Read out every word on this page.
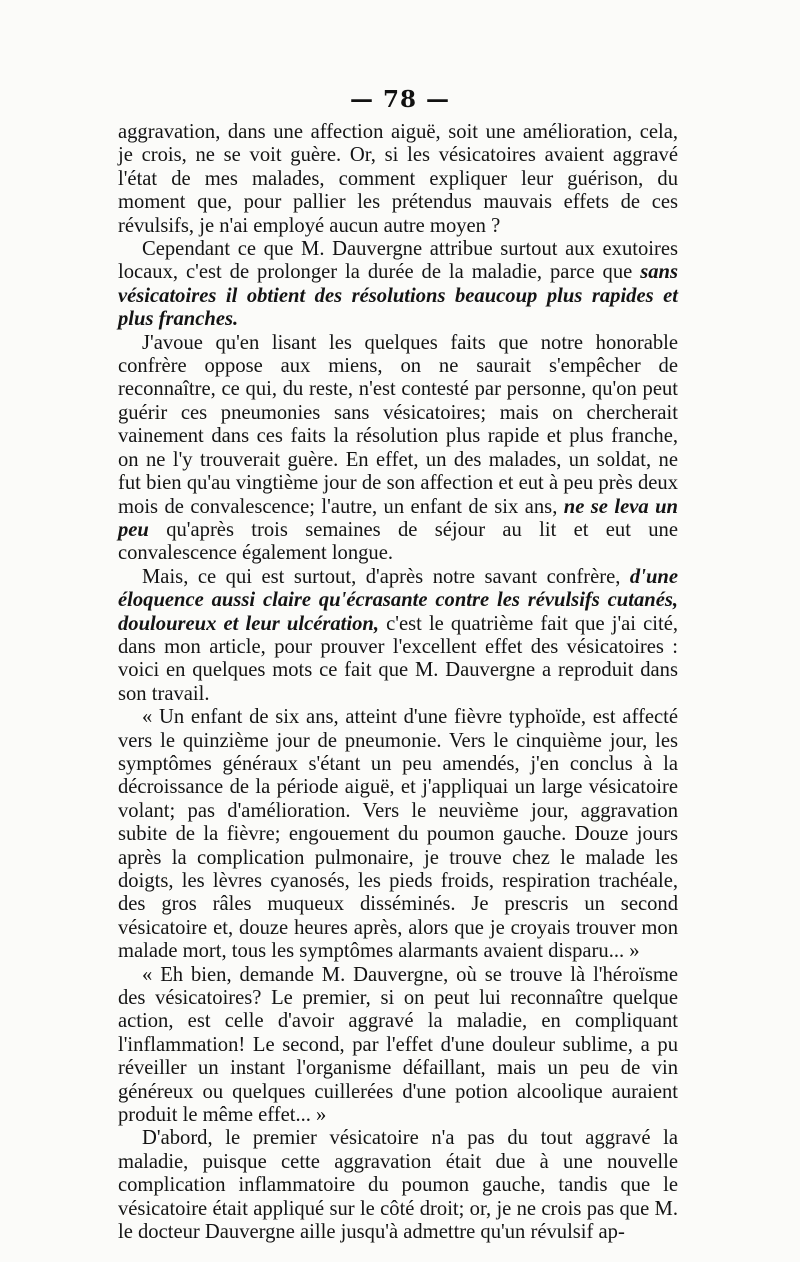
— 78 —

aggravation, dans une affection aiguë, soit une amélioration, cela, je crois, ne se voit guère. Or, si les vésicatoires avaient aggravé l'état de mes malades, comment expliquer leur guérison, du moment que, pour pallier les prétendus mauvais effets de ces révulsifs, je n'ai employé aucun autre moyen ?

Cependant ce que M. Dauvergne attribue surtout aux exutoires locaux, c'est de prolonger la durée de la maladie, parce que sans vésicatoires il obtient des résolutions beaucoup plus rapides et plus franches.

J'avoue qu'en lisant les quelques faits que notre honorable confrère oppose aux miens, on ne saurait s'empêcher de reconnaître, ce qui, du reste, n'est contesté par personne, qu'on peut guérir ces pneumonies sans vésicatoires; mais on chercherait vainement dans ces faits la résolution plus rapide et plus franche, on ne l'y trouverait guère. En effet, un des malades, un soldat, ne fut bien qu'au vingtième jour de son affection et eut à peu près deux mois de convalescence; l'autre, un enfant de six ans, ne se leva un peu qu'après trois semaines de séjour au lit et eut une convalescence également longue.

Mais, ce qui est surtout, d'après notre savant confrère, d'une éloquence aussi claire qu'écrasante contre les révulsifs cutanés, douloureux et leur ulcération, c'est le quatrième fait que j'ai cité, dans mon article, pour prouver l'excellent effet des vésicatoires : voici en quelques mots ce fait que M. Dauvergne a reproduit dans son travail.

« Un enfant de six ans, atteint d'une fièvre typhoïde, est affecté vers le quinzième jour de pneumonie. Vers le cinquième jour, les symptômes généraux s'étant un peu amendés, j'en conclus à la décroissance de la période aiguë, et j'appliquai un large vésicatoire volant; pas d'amélioration. Vers le neuvième jour, aggravation subite de la fièvre; engouement du poumon gauche. Douze jours après la complication pulmonaire, je trouve chez le malade les doigts, les lèvres cyanosés, les pieds froids, respiration trachéale, des gros râles muqueux disséminés. Je prescris un second vésicatoire et, douze heures après, alors que je croyais trouver mon malade mort, tous les symptômes alarmants avaient disparu... »

« Eh bien, demande M. Dauvergne, où se trouve là l'héroïsme des vésicatoires? Le premier, si on peut lui reconnaître quelque action, est celle d'avoir aggravé la maladie, en compliquant l'inflammation! Le second, par l'effet d'une douleur sublime, a pu réveiller un instant l'organisme défaillant, mais un peu de vin généreux ou quelques cuillerées d'une potion alcoolique auraient produit le même effet... »

D'abord, le premier vésicatoire n'a pas du tout aggravé la maladie, puisque cette aggravation était due à une nouvelle complication inflammatoire du poumon gauche, tandis que le vésicatoire était appliqué sur le côté droit; or, je ne crois pas que M. le docteur Dauvergne aille jusqu'à admettre qu'un révulsif ap-
